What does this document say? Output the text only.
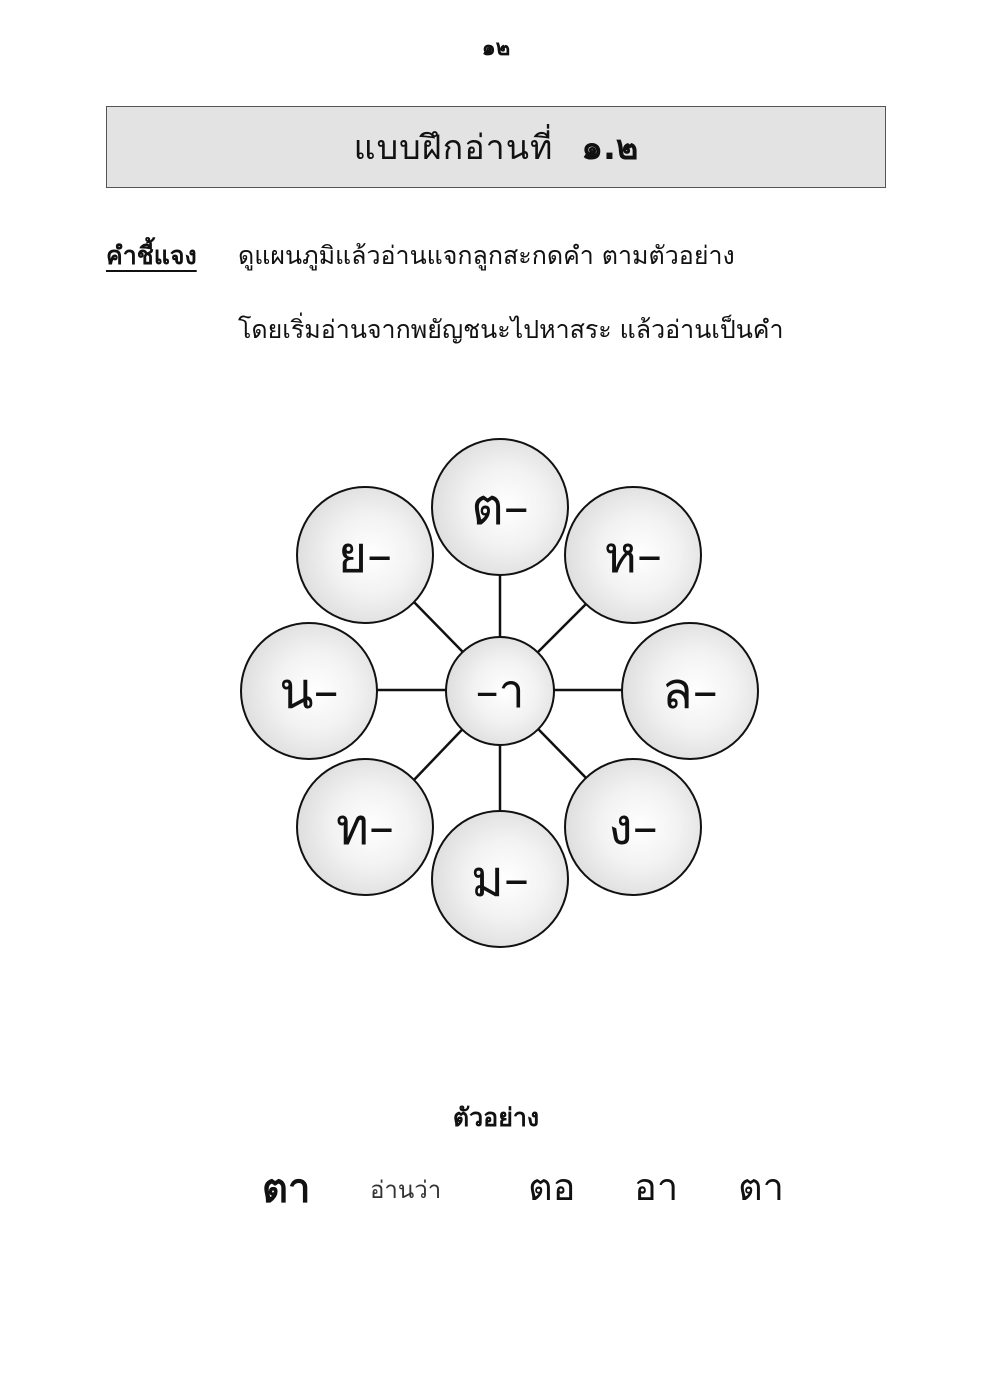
๑๒
แบบฝึกอ่านที่ ๑.๒
คำชี้แจง ดูแผนภูมิแล้วอ่านแจกลูกสะกดคำ ตามตัวอย่าง
โดยเริ่มอ่านจากพยัญชนะไปหาสระ แล้วอ่านเป็นคำ
ต–
ห–
ล–
ง–
ม–
ท–
น–
ย–
–า
ตัวอย่าง
ตา อ่านว่า ตอ อา ตา
